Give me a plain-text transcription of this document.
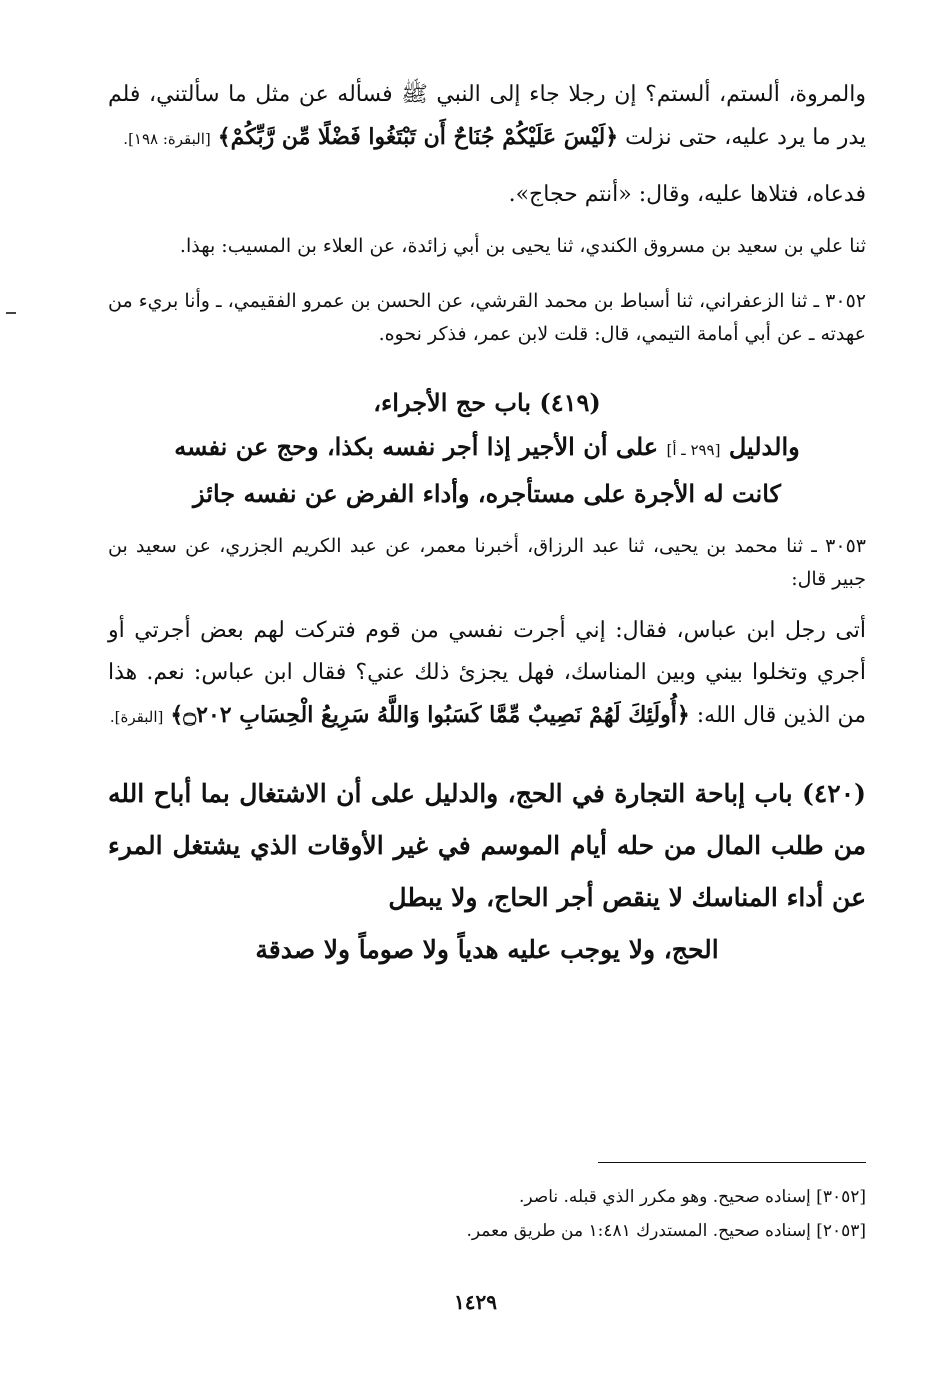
والمروة، ألستم، ألستم؟ إن رجلا جاء إلى النبي ﷺ فسأله عن مثل ما سألتني، فلم يدر ما يرد عليه، حتى نزلت ﴿لَيْسَ عَلَيْكُمْ جُنَاحٌ أَن تَبْتَغُوا فَضْلًا مِّن رَّبِّكُمْ﴾ [البقرة: ١٩٨].

فدعاه، فتلاها عليه، وقال: «أنتم حجاج».

ثنا علي بن سعيد بن مسروق الكندي، ثنا يحيى بن أبي زائدة، عن العلاء بن المسيب: بهذا.

٣٠٥٢ ـ ثنا الزعفراني، ثنا أسباط بن محمد القرشي، عن الحسن بن عمرو الفقيمي، ـ وأنا بريء من عهدته ـ عن أبي أمامة التيمي، قال: قلت لابن عمر، فذكر نحوه.

(٤١٩) باب حج الأجراء،

والدليل [٢٩٩ ـ أ] على أن الأجير إذا أجر نفسه بكذا، وحج عن نفسه

كانت له الأجرة على مستأجره، وأداء الفرض عن نفسه جائز

٣٠٥٣ ـ ثنا محمد بن يحيى، ثنا عبد الرزاق، أخبرنا معمر، عن عبد الكريم الجزري، عن سعيد بن جبير قال:

أتى رجل ابن عباس، فقال: إني أجرت نفسي من قوم فتركت لهم بعض أجرتي أو أجري وتخلوا بيني وبين المناسك، فهل يجزئ ذلك عني؟ فقال ابن عباس: نعم. هذا من الذين قال الله: ﴿أُولَئِكَ لَهُمْ نَصِيبٌ مِّمَّا كَسَبُوا وَاللَّهُ سَرِيعُ الْحِسَابِ ۝٢٠٢﴾ [البقرة].

(٤٢٠) باب إباحة التجارة في الحج، والدليل على أن الاشتغال بما أباح الله من طلب المال من حله أيام الموسم في غير الأوقات الذي يشتغل المرء عن أداء المناسك لا ينقص أجر الحاج، ولا يبطل
الحج، ولا يوجب عليه هدياً ولا صوماً ولا صدقة

[٣٠٥٢] إسناده صحيح. وهو مكرر الذي قبله. ناصر.
[٢٠٥٣] إسناده صحيح. المستدرك ١:٤٨١ من طريق معمر.
١٤٢٩
